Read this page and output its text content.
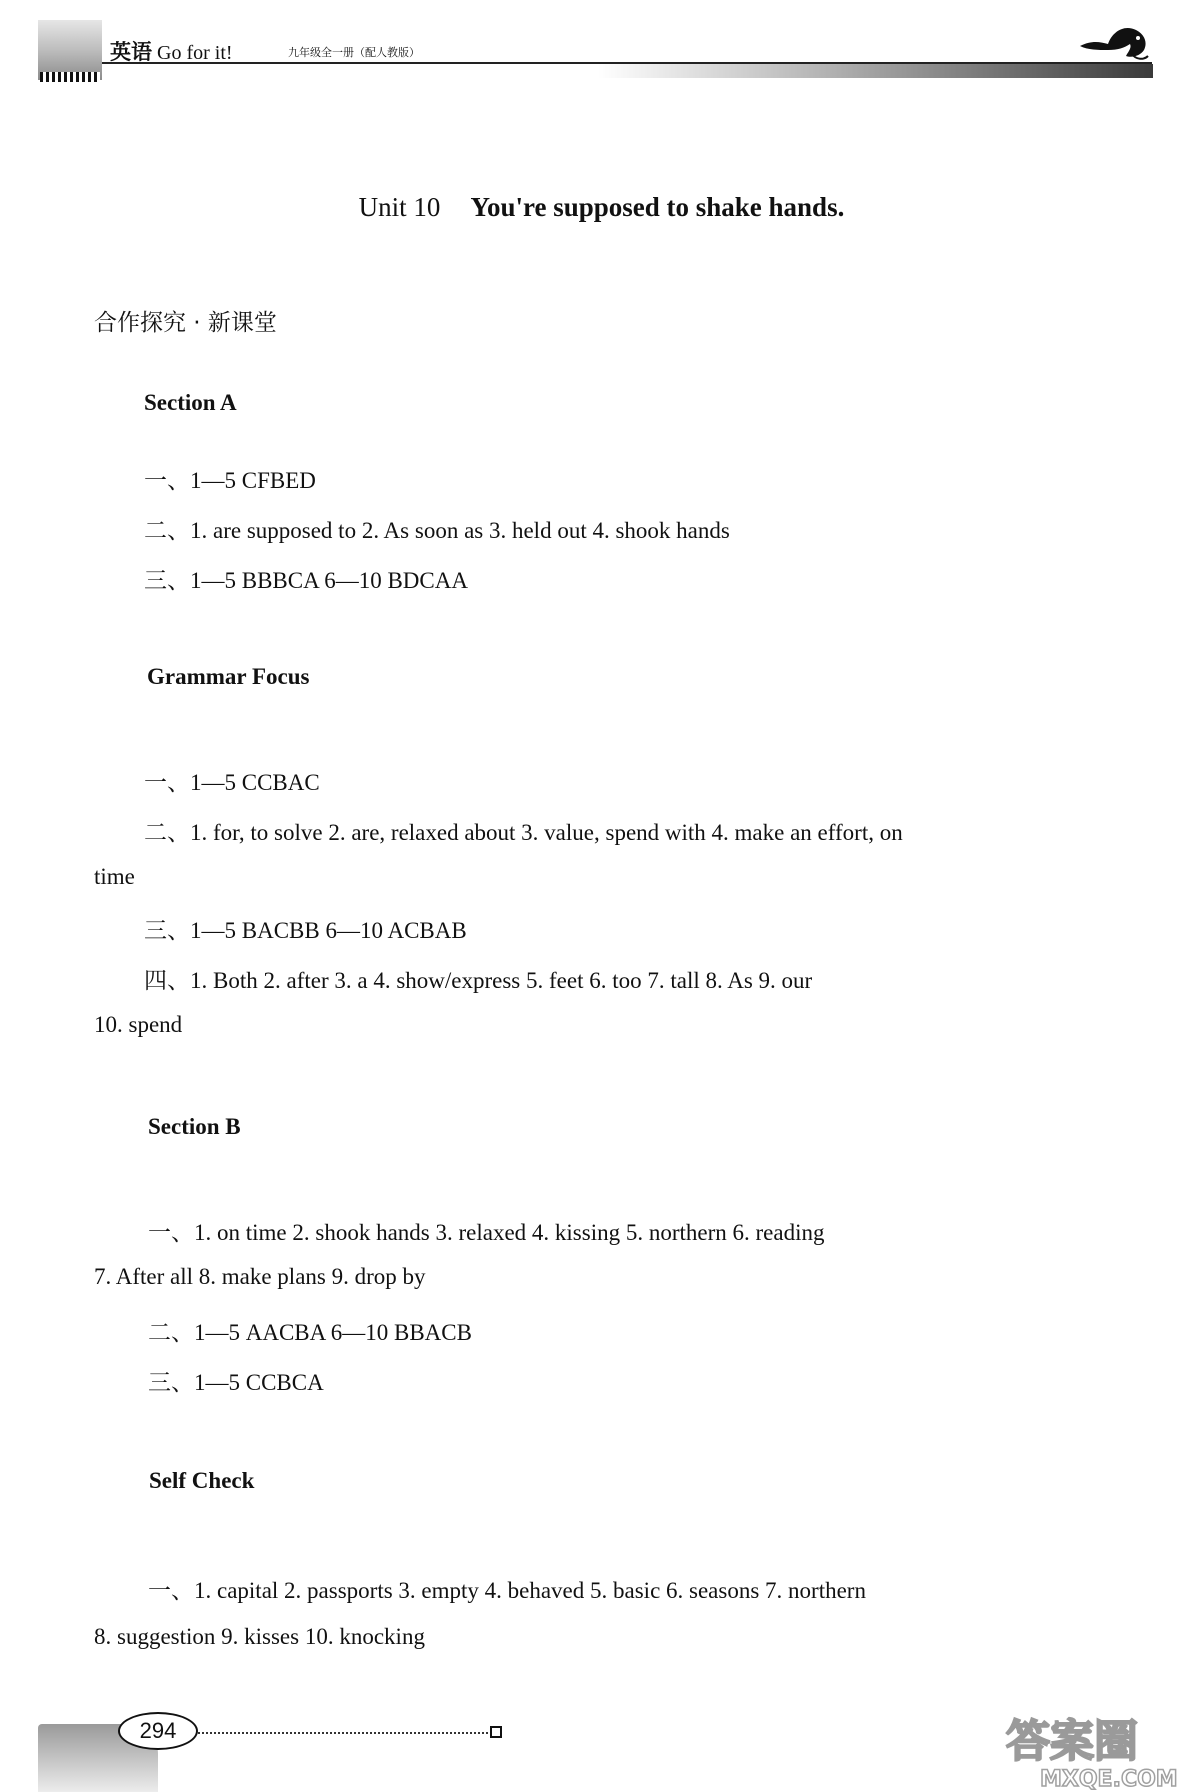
英语 Go for it!	九年级全一册（配人教版）
Unit 10 You're supposed to shake hands.
合作探究 · 新课堂
Section A
一、1—5 CFBED
二、1. are supposed to 2. As soon as 3. held out 4. shook hands
三、1—5 BBBCA 6—10 BDCAA
Grammar Focus
一、1—5 CCBAC
二、1. for, to solve 2. are, relaxed about 3. value, spend with 4. make an effort, on
time
三、1—5 BACBB 6—10 ACBAB
四、1. Both 2. after 3. a 4. show/express 5. feet 6. too 7. tall 8. As 9. our
10. spend
Section B
一、1. on time 2. shook hands 3. relaxed 4. kissing 5. northern 6. reading
7. After all 8. make plans 9. drop by
二、1—5 AACBA 6—10 BBACB
三、1—5 CCBCA
Self Check
一、1. capital 2. passports 3. empty 4. behaved 5. basic 6. seasons 7. northern
8. suggestion 9. kisses 10. knocking
294	答案圈
MXQE.COM
